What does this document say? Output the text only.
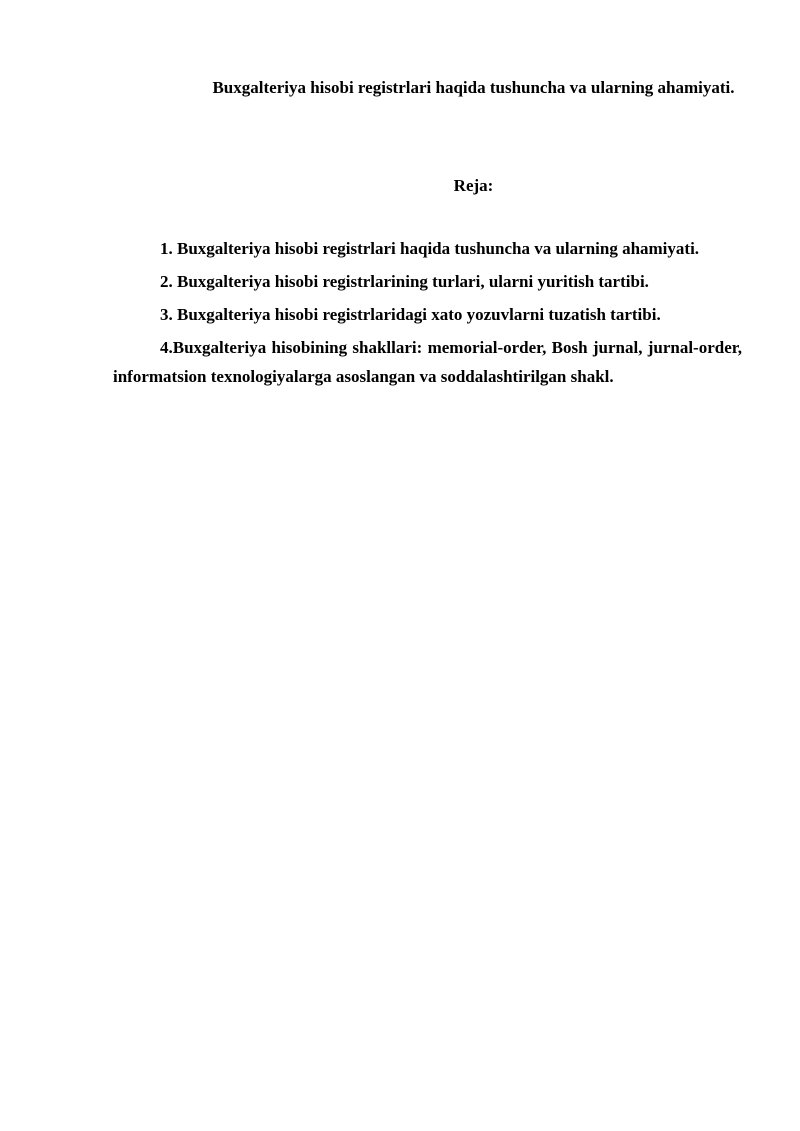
Buxgalteriya hisobi registrlari haqida tushuncha va ularning ahamiyati.
Reja:

1. Buxgalteriya hisobi registrlari haqida tushuncha va ularning ahamiyati.

2. Buxgalteriya hisobi registrlarining turlari, ularni yuritish tartibi.

3. Buxgalteriya hisobi registrlaridagi xato yozuvlarni tuzatish tartibi.

4.Buxgalteriya hisobining shakllari: memorial-order, Bosh jurnal, jurnal-order, informatsion texnologiyalarga asoslangan va soddalashtirilgan shakl.
